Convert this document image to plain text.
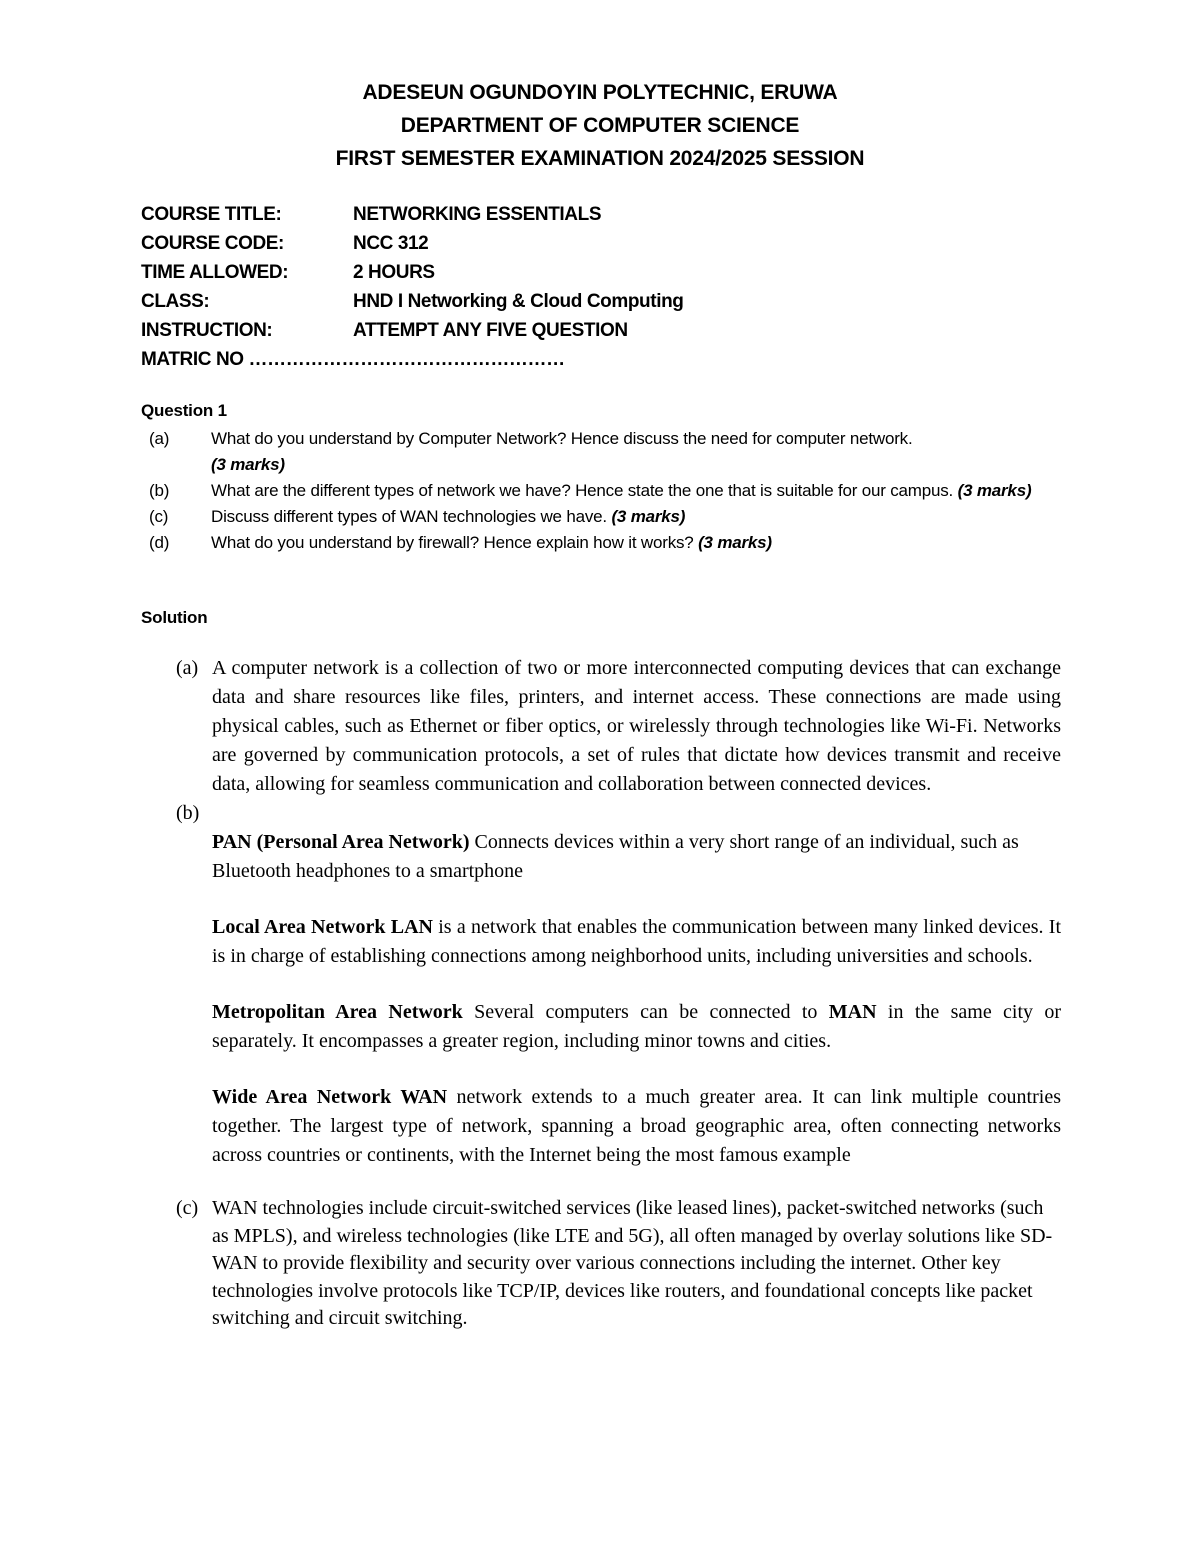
ADESEUN OGUNDOYIN POLYTECHNIC, ERUWA
DEPARTMENT OF COMPUTER SCIENCE
FIRST SEMESTER EXAMINATION 2024/2025 SESSION
COURSE TITLE:	NETWORKING ESSENTIALS
COURSE CODE:	NCC 312
TIME ALLOWED:	2 HOURS
CLASS:	HND I Networking & Cloud Computing
INSTRUCTION:	ATTEMPT ANY FIVE QUESTION
MATRIC NO ……………………………………………
Question 1
(a) What do you understand by Computer Network? Hence discuss the need for computer network.
(3 marks)
(b) What are the different types of network we have? Hence state the one that is suitable for our campus. (3 marks)
(c)	Discuss different types of WAN technologies we have. (3 marks)
(d) What do you understand by firewall? Hence explain how it works? (3 marks)
Solution
(a) A computer network is a collection of two or more interconnected computing devices that can exchange data and share resources like files, printers, and internet access. These connections are made using physical cables, such as Ethernet or fiber optics, or wirelessly through technologies like Wi-Fi. Networks are governed by communication protocols, a set of rules that dictate how devices transmit and receive data, allowing for seamless communication and collaboration between connected devices.
(b)
PAN (Personal Area Network) Connects devices within a very short range of an individual, such as Bluetooth headphones to a smartphone
Local Area Network LAN is a network that enables the communication between many linked devices. It is in charge of establishing connections among neighborhood units, including universities and schools.
Metropolitan Area Network Several computers can be connected to MAN in the same city or separately. It encompasses a greater region, including minor towns and cities.
Wide Area Network WAN network extends to a much greater area. It can link multiple countries together. The largest type of network, spanning a broad geographic area, often connecting networks across countries or continents, with the Internet being the most famous example
(c) WAN technologies include circuit-switched services (like leased lines), packet-switched networks (such as MPLS), and wireless technologies (like LTE and 5G), all often managed by overlay solutions like SD-WAN to provide flexibility and security over various connections including the internet. Other key technologies involve protocols like TCP/IP, devices like routers, and foundational concepts like packet switching and circuit switching.
